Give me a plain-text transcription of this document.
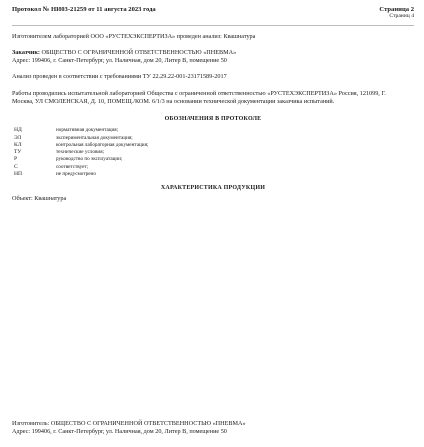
Протокол № НИ03-21259 от 11 августа 2023 года	Страница 2
Страниц 4

Изготовителем лабораторией ООО «РУСТЕХЭКСПЕРТИЗА» проведен анализ: Квашнатура

Заказчик: ОБЩЕСТВО С ОГРАНИЧЕННОЙ ОТВЕТСТВЕННОСТЬЮ «ПНЕВМА»

Адрес: 199406, г. Санкт-Петербург, ул. Наличная, дом 20, Литер В, помещение 50

Анализ проведен в соответствии с требованиями ТУ 22.29.22-001-23171589-2017

Работы проводились испытательной лабораторией Общества с ограниченной ответственностью «РУСТЕХЭКСПЕРТИЗА» Россия, 121099, Г. Москва, УЛ СМОЛЕНСКАЯ, Д. 10, ПОМЕЩ./КОМ. 6/1/3 на основании технической документации заказчика испытаний.

ОБОЗНАЧЕНИЯ В ПРОТОКОЛЕ
НД	нормативная документация;
ЭЛ	экспериментальная документация;
КЛ	контрольная лабораторная документация;
ТУ	технические условия;
Р	руководство по эксплуатации;
С	соответствует;
НП	не предусмотрено
ХАРАКТЕРИСТИКА ПРОДУКЦИИ

Объект: Квашнатура

Изготовитель: ОБЩЕСТВО С ОГРАНИЧЕННОЙ ОТВЕТСТВЕННОСТЬЮ «ПНЕВМА»

Адрес: 199406, г. Санкт-Петербург, ул. Наличная, дом 20, Литер В, помещение 50
